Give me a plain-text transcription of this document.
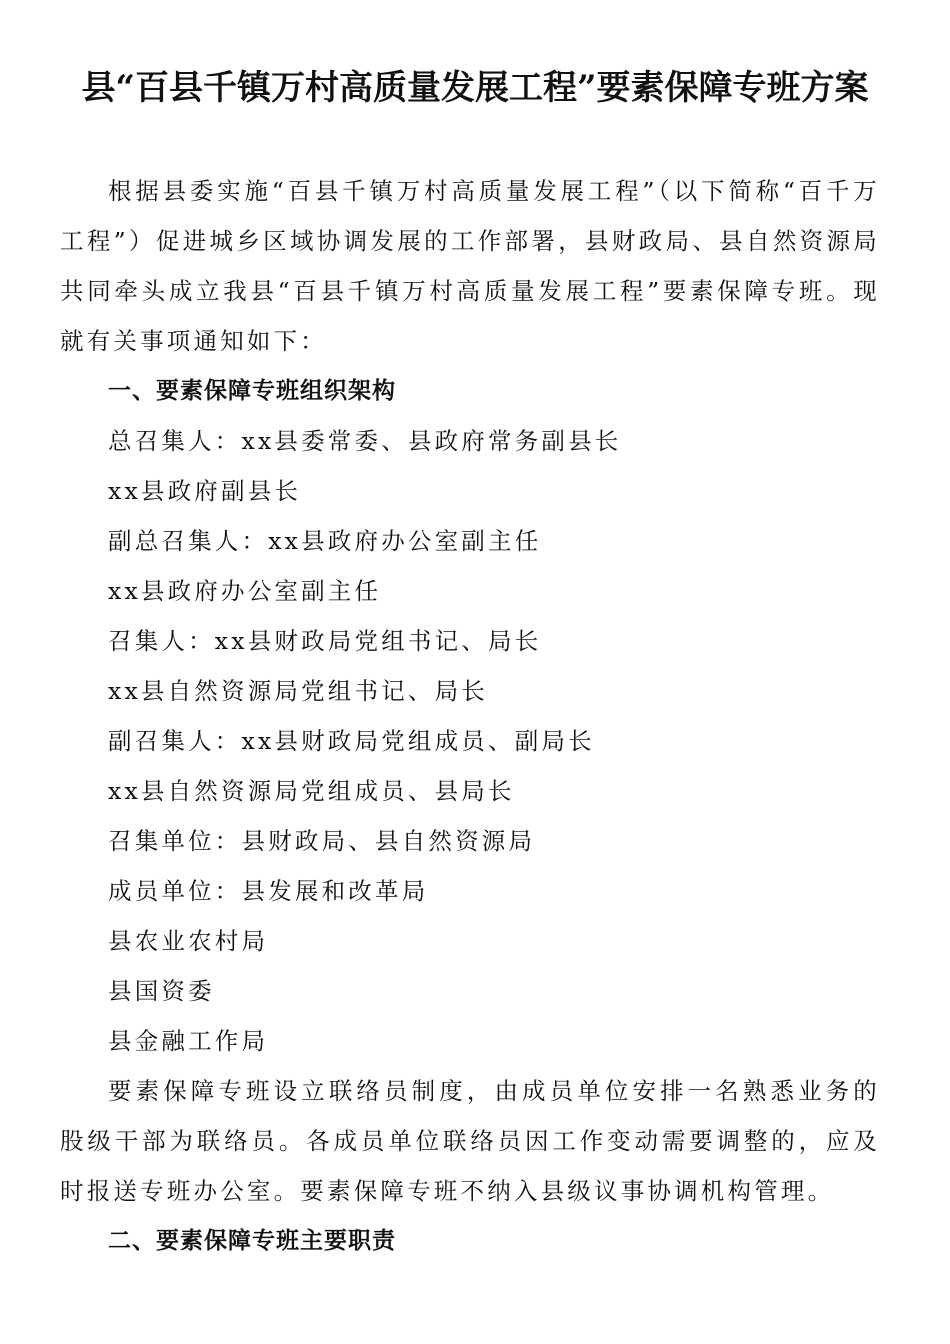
县“百县千镇万村高质量发展工程”要素保障专班方案

根据县委实施“百县千镇万村高质量发展工程”（以下简称“百千万工程”）促进城乡区域协调发展的工作部署，县财政局、县自然资源局共同牵头成立我县“百县千镇万村高质量发展工程”要素保障专班。现就有关事项通知如下：

一、要素保障专班组织架构

总召集人：xx县委常委、县政府常务副县长

xx县政府副县长

副总召集人：xx县政府办公室副主任

xx县政府办公室副主任

召集人：xx县财政局党组书记、局长

xx县自然资源局党组书记、局长

副召集人：xx县财政局党组成员、副局长

xx县自然资源局党组成员、县局长

召集单位：县财政局、县自然资源局

成员单位：县发展和改革局

县农业农村局

县国资委

县金融工作局

要素保障专班设立联络员制度，由成员单位安排一名熟悉业务的股级干部为联络员。各成员单位联络员因工作变动需要调整的，应及时报送专班办公室。要素保障专班不纳入县级议事协调机构管理。

二、要素保障专班主要职责
